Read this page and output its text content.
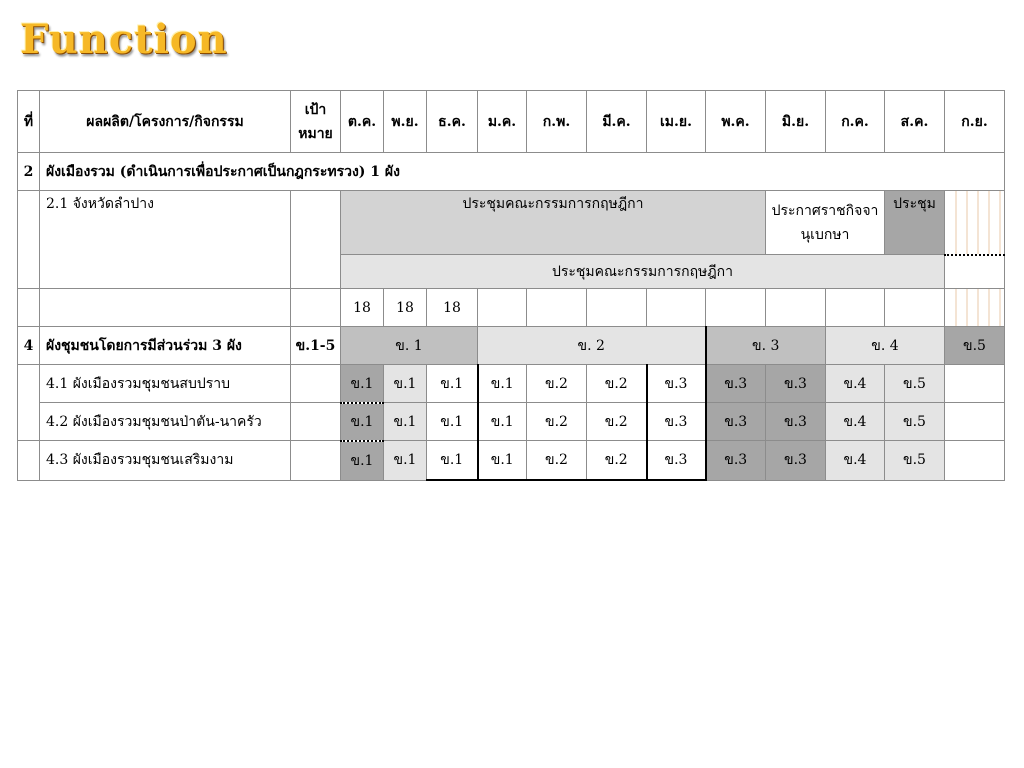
Function
ที่	ผลผลิต/โครงการ/กิจกรรม	เป้าหมาย	ต.ค.	พ.ย.	ธ.ค.	ม.ค.	ก.พ.	มี.ค.	เม.ย.	พ.ค.	มิ.ย.	ก.ค.	ส.ค.	ก.ย.
2	ผังเมืองรวม (ดำเนินการเพื่อประกาศเป็นกฎกระทรวง) 1 ผัง													
	2.1 จังหวัดลำปาง		ประชุมคณะกรรมการกฤษฎีกา								ประกาศราชกิจจานุเบกษา		ประชุม	
			ประชุมคณะกรรมการกฤษฎีกา											
			18	18	18									
4	ผังชุมชนโดยการมีส่วนร่วม 3 ผัง	ข.1-5	ข. 1			ข. 2				ข. 3		ข. 4		ข.5
	4.1 ผังเมืองรวมชุมชนสบปราบ		ข.1	ข.1	ข.1	ข.1	ข.2	ข.2	ข.3	ข.3	ข.3	ข.4	ข.5	
	4.2 ผังเมืองรวมชุมชนป่าตัน-นาครัว		ข.1	ข.1	ข.1	ข.1	ข.2	ข.2	ข.3	ข.3	ข.3	ข.4	ข.5	
	4.3 ผังเมืองรวมชุมชนเสริมงาม		ข.1	ข.1	ข.1	ข.1	ข.2	ข.2	ข.3	ข.3	ข.3	ข.4	ข.5	
